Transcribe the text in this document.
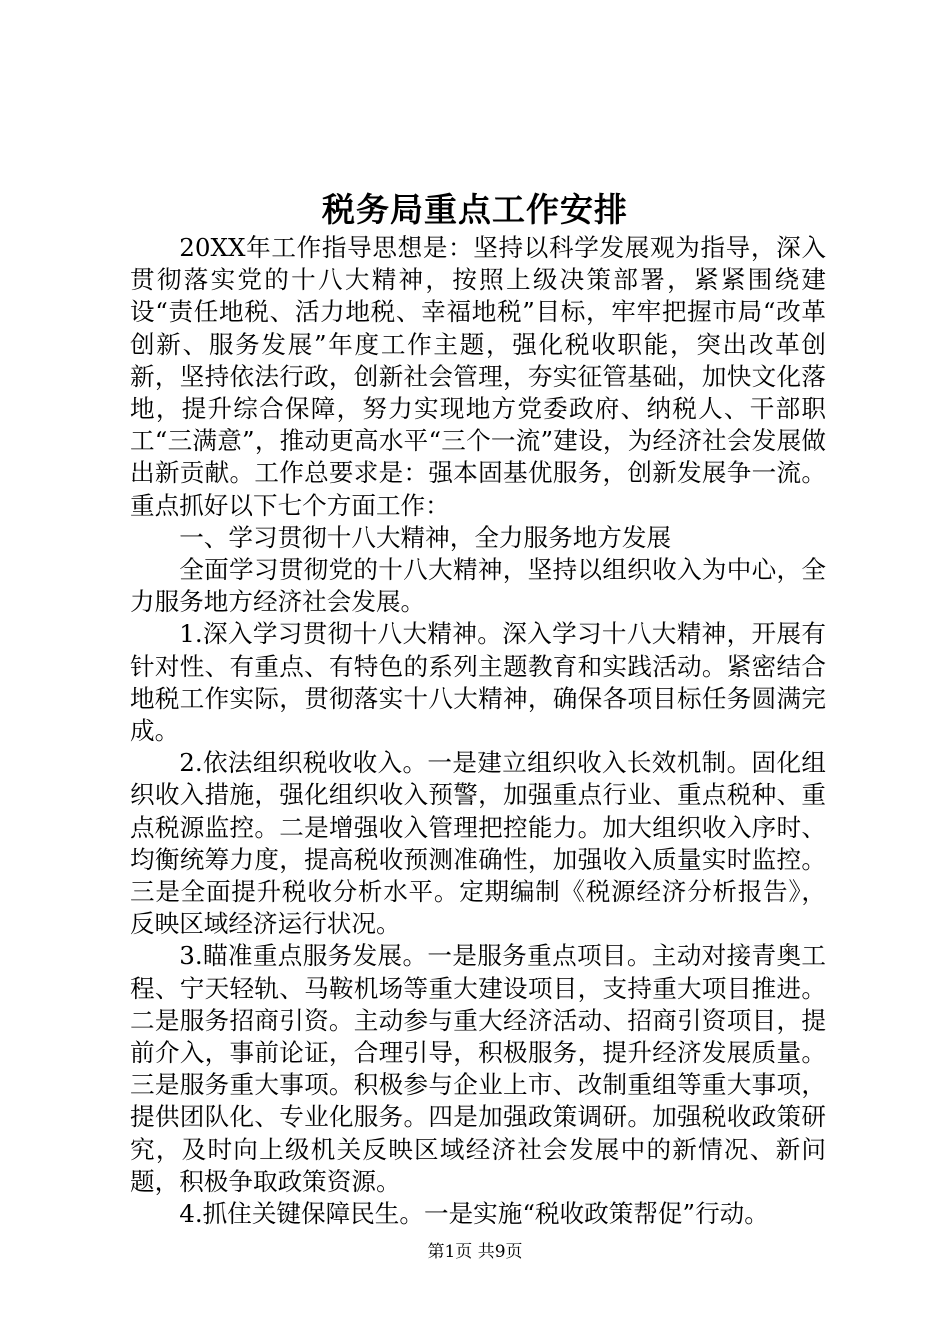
税务局重点工作安排

20XX年工作指导思想是：坚持以科学发展观为指导，深入贯彻落实党的十八大精神，按照上级决策部署，紧紧围绕建设“责任地税、活力地税、幸福地税”目标，牢牢把握市局“改革创新、服务发展”年度工作主题，强化税收职能，突出改革创新，坚持依法行政，创新社会管理，夯实征管基础，加快文化落地，提升综合保障，努力实现地方党委政府、纳税人、干部职工“三满意”，推动更高水平“三个一流”建设，为经济社会发展做出新贡献。工作总要求是：强本固基优服务，创新发展争一流。重点抓好以下七个方面工作：

一、学习贯彻十八大精神，全力服务地方发展

全面学习贯彻党的十八大精神，坚持以组织收入为中心，全力服务地方经济社会发展。

1.深入学习贯彻十八大精神。深入学习十八大精神，开展有针对性、有重点、有特色的系列主题教育和实践活动。紧密结合地税工作实际，贯彻落实十八大精神，确保各项目标任务圆满完成。

2.依法组织税收收入。一是建立组织收入长效机制。固化组织收入措施，强化组织收入预警，加强重点行业、重点税种、重点税源监控。二是增强收入管理把控能力。加大组织收入序时、均衡统筹力度，提高税收预测准确性，加强收入质量实时监控。三是全面提升税收分析水平。定期编制《税源经济分析报告》，反映区域经济运行状况。

3.瞄准重点服务发展。一是服务重点项目。主动对接青奥工程、宁天轻轨、马鞍机场等重大建设项目，支持重大项目推进。二是服务招商引资。主动参与重大经济活动、招商引资项目，提前介入，事前论证，合理引导，积极服务，提升经济发展质量。三是服务重大事项。积极参与企业上市、改制重组等重大事项，提供团队化、专业化服务。四是加强政策调研。加强税收政策研究，及时向上级机关反映区域经济社会发展中的新情况、新问题，积极争取政策资源。

4.抓住关键保障民生。一是实施“税收政策帮促”行动。

第1页 共9页
